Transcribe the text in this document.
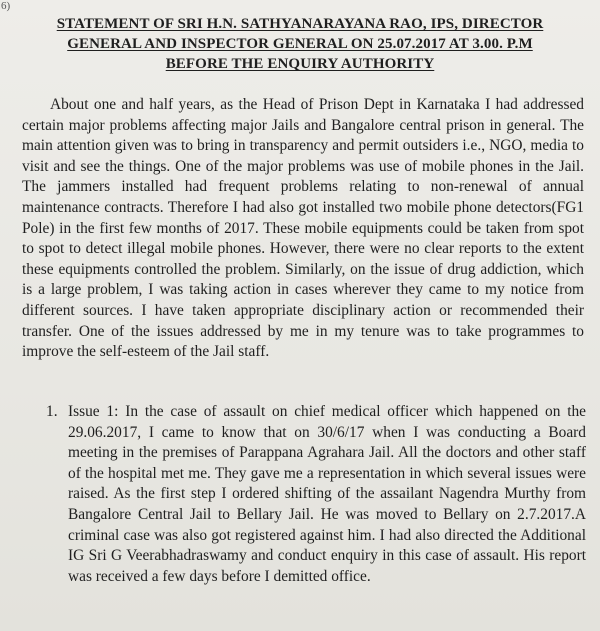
6)
STATEMENT OF SRI H.N. SATHYANARAYANA RAO, IPS, DIRECTOR
GENERAL AND INSPECTOR GENERAL ON 25.07.2017 AT 3.00. P.M
BEFORE THE ENQUIRY AUTHORITY

About one and half years, as the Head of Prison Dept in Karnataka I had addressed certain major problems affecting major Jails and Bangalore central prison in general. The main attention given was to bring in transparency and permit outsiders i.e., NGO, media to visit and see the things. One of the major problems was use of mobile phones in the Jail. The jammers installed had frequent problems relating to non-renewal of annual maintenance contracts. Therefore I had also got installed two mobile phone detectors(FG1 Pole) in the first few months of 2017. These mobile equipments could be taken from spot to spot to detect illegal mobile phones. However, there were no clear reports to the extent these equipments controlled the problem. Similarly, on the issue of drug addiction, which is a large problem, I was taking action in cases wherever they came to my notice from different sources. I have taken appropriate disciplinary action or recommended their transfer. One of the issues addressed by me in my tenure was to take programmes to improve the self-esteem of the Jail staff.

1. Issue 1: In the case of assault on chief medical officer which happened on the 29.06.2017, I came to know that on 30/6/17 when I was conducting a Board meeting in the premises of Parappana Agrahara Jail. All the doctors and other staff of the hospital met me. They gave me a representation in which several issues were raised. As the first step I ordered shifting of the assailant Nagendra Murthy from Bangalore Central Jail to Bellary Jail. He was moved to Bellary on 2.7.2017.A criminal case was also got registered against him. I had also directed the Additional IG Sri G Veerabhadraswamy and conduct enquiry in this case of assault. His report was received a few days before I demitted office.
